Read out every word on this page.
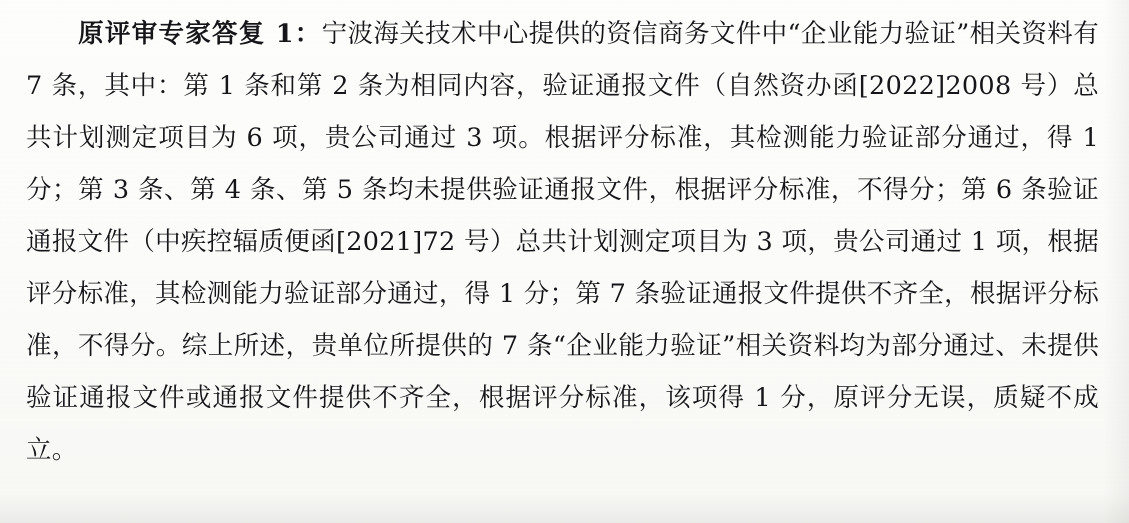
原评审专家答复 1：宁波海关技术中心提供的资信商务文件中“企业能力验证”相关资料有 7 条，其中：第 1 条和第 2 条为相同内容，验证通报文件（自然资办函[2022]2008 号）总共计划测定项目为 6 项，贵公司通过 3 项。根据评分标准，其检测能力验证部分通过，得 1 分；第 3 条、第 4 条、第 5 条均未提供验证通报文件，根据评分标准，不得分；第 6 条验证通报文件（中疾控辐质便函[2021]72 号）总共计划测定项目为 3 项，贵公司通过 1 项，根据评分标准，其检测能力验证部分通过，得 1 分；第 7 条验证通报文件提供不齐全，根据评分标准，不得分。综上所述，贵单位所提供的 7 条“企业能力验证”相关资料均为部分通过、未提供验证通报文件或通报文件提供不齐全，根据评分标准，该项得 1 分，原评分无误，质疑不成立。
